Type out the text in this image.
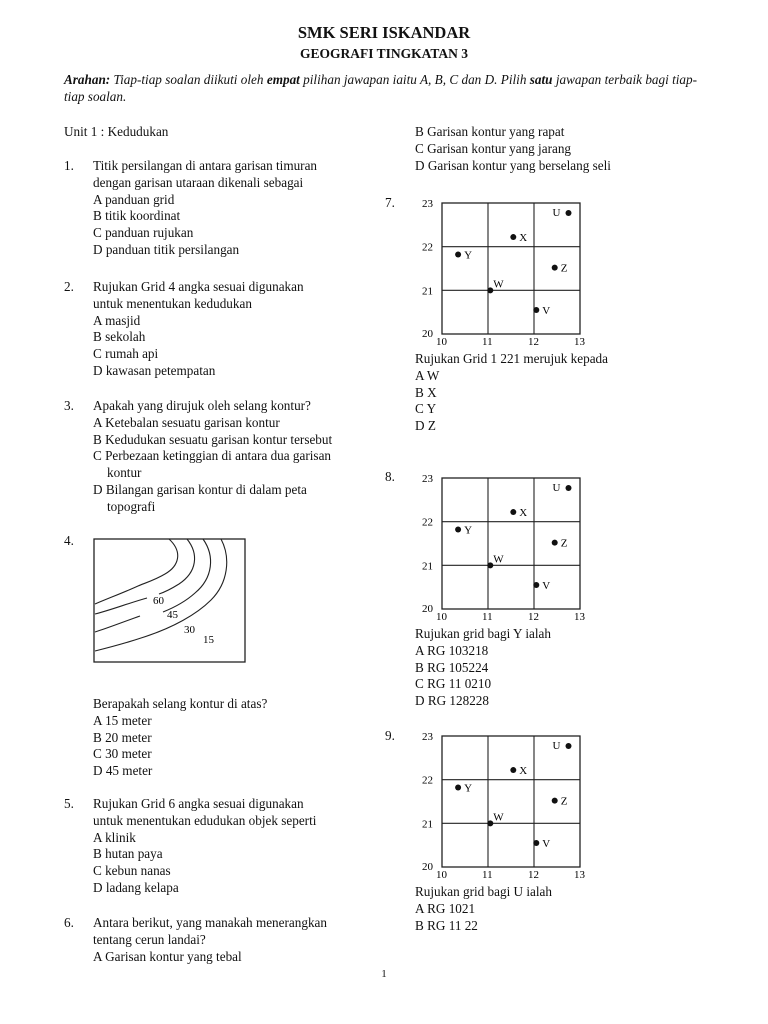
SMK SERI ISKANDAR
GEOGRAFI TINGKATAN 3
Arahan: Tiap-tiap soalan diikuti oleh empat pilihan jawapan iaitu A, B, C dan D. Pilih satu jawapan terbaik bagi tiap-tiap soalan.
Unit 1 : Kedudukan
1. Titik persilangan di antara garisan timuran
dengan garisan utaraan dikenali sebagai
A panduan grid
B titik koordinat
C panduan rujukan
D panduan titik persilangan
2. Rujukan Grid 4 angka sesuai digunakan
untuk menentukan kedudukan
A masjid
B sekolah
C rumah api
D kawasan petempatan
3. Apakah yang dirujuk oleh selang kontur?
A Ketebalan sesuatu garisan kontur
B Kedudukan sesuatu garisan kontur tersebut
C Perbezaan ketinggian di antara dua garisan
kontur
D Bilangan garisan kontur di dalam peta
topografi
4.
60
45
30
15
Berapakah selang kontur di atas?
A 15 meter
B 20 meter
C 30 meter
D 45 meter
5. Rujukan Grid 6 angka sesuai digunakan
untuk menentukan edudukan objek seperti
A klinik
B hutan paya
C kebun nanas
D ladang kelapa
6. Antara berikut, yang manakah menerangkan
tentang cerun landai?
A Garisan kontur yang tebal
B Garisan kontur yang rapat
C Garisan kontur yang jarang
D Garisan kontur yang berselang seli
7.
10	11	12	13
23
22
21
20
U
X
Y
Z
W
V
Rujukan Grid 1 221 merujuk kepada
A W
B X
C Y
D Z
8.
10	11	12	13
23
22
21
20
U
X
Y
Z
W
V
Rujukan grid bagi Y ialah
A RG 103218
B RG 105224
C RG 11 0210
D RG 128228
9.
10	11	12	13
23
22
21
20
U
X
Y
Z
W
V
Rujukan grid bagi U ialah
A RG 1021
B RG 11 22
1
